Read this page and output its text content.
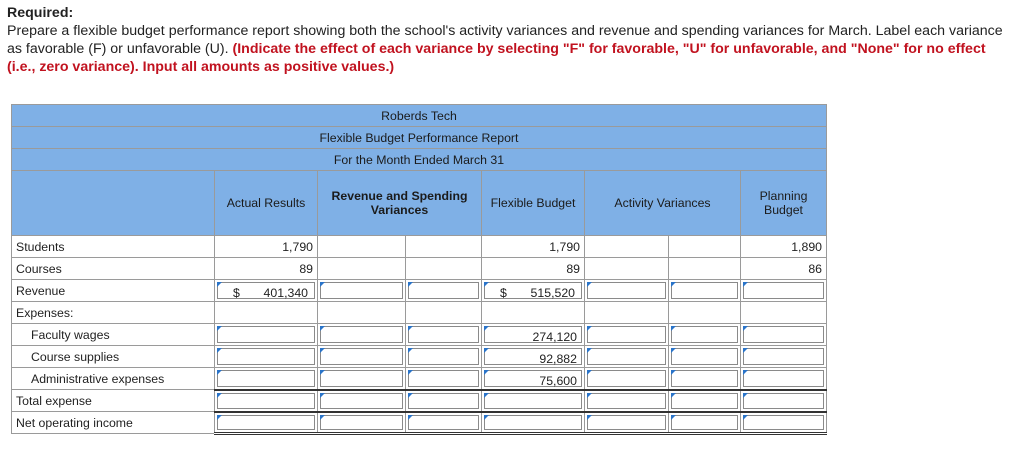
Required:
Prepare a flexible budget performance report showing both the school's activity variances and revenue and spending variances for March. Label each variance as favorable (F) or unfavorable (U). (Indicate the effect of each variance by selecting "F" for favorable, "U" for unfavorable, and "None" for no effect (i.e., zero variance). Input all amounts as positive values.)
Roberds Tech							
Flexible Budget Performance Report							
For the Month Ended March 31							
	Actual Results	Revenue and Spending Variances		Flexible Budget	Activity Variances		Planning Budget

Students	1,790			1,790			1,890
Courses	89			89			86
Revenue	$ 401,340			$ 515,520			

Expenses:							
Faculty wages				274,120			

Course supplies				92,882			

Administrative expenses				75,600			

Total expense	

Net operating income	
